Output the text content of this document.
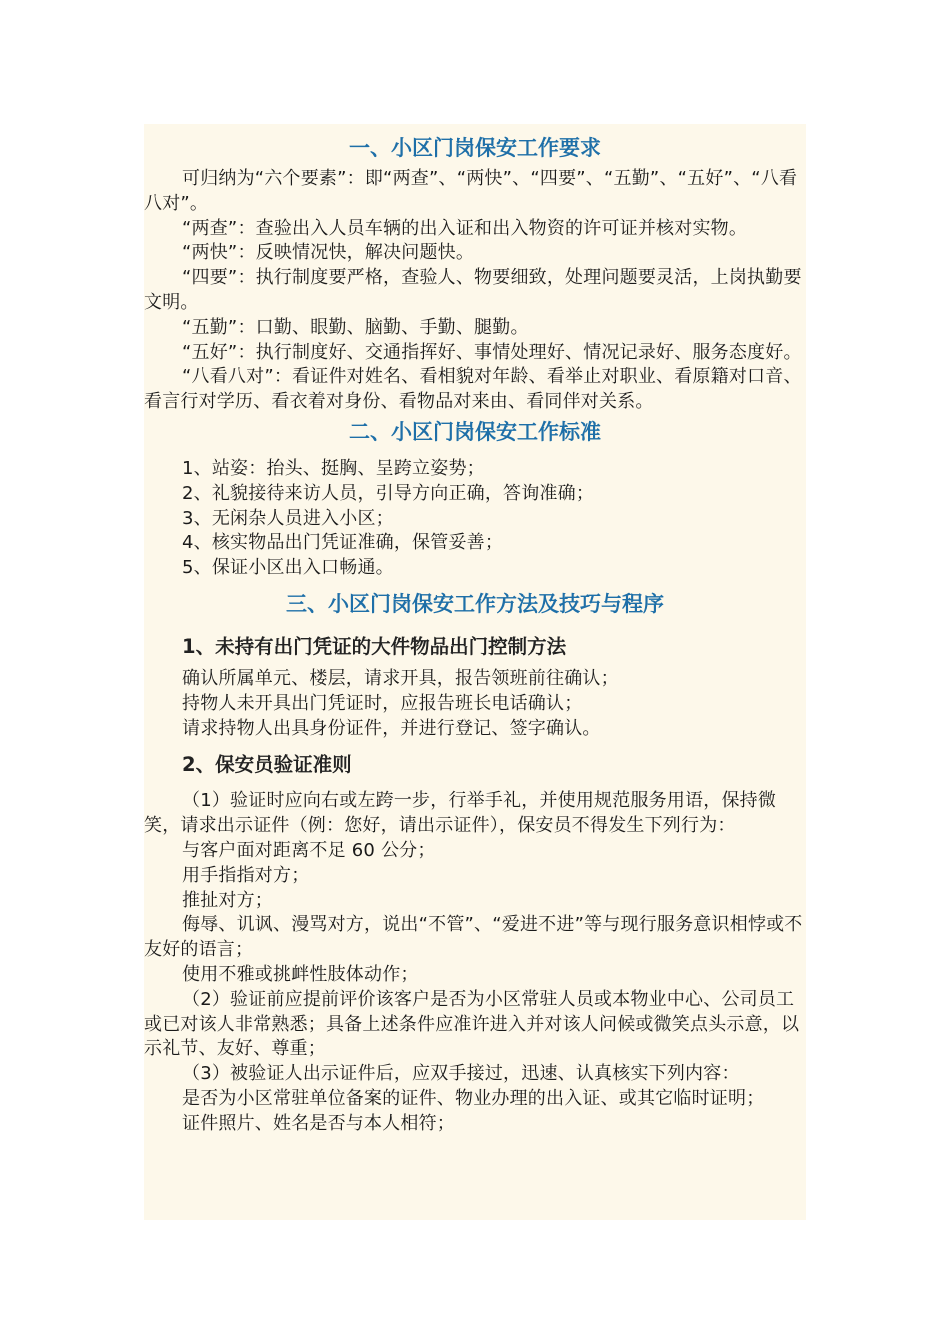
一、小区门岗保安工作要求

可归纳为“六个要素”：即“两查”、“两快”、“四要”、“五勤”、“五好”、“八看八对”。

“两查”：查验出入人员车辆的出入证和出入物资的许可证并核对实物。

“两快”：反映情况快，解决问题快。

“四要”：执行制度要严格，查验人、物要细致，处理问题要灵活，上岗执勤要文明。

“五勤”：口勤、眼勤、脑勤、手勤、腿勤。

“五好”：执行制度好、交通指挥好、事情处理好、情况记录好、服务态度好。

“八看八对”：看证件对姓名、看相貌对年龄、看举止对职业、看原籍对口音、看言行对学历、看衣着对身份、看物品对来由、看同伴对关系。

二、小区门岗保安工作标准

1、站姿：抬头、挺胸、呈跨立姿势；

2、礼貌接待来访人员，引导方向正确，答询准确；

3、无闲杂人员进入小区；

4、核实物品出门凭证准确，保管妥善；

5、保证小区出入口畅通。

三、小区门岗保安工作方法及技巧与程序
1、未持有出门凭证的大件物品出门控制方法

确认所属单元、楼层，请求开具，报告领班前往确认；

持物人未开具出门凭证时，应报告班长电话确认；

请求持物人出具身份证件，并进行登记、签字确认。

2、保安员验证准则

（1）验证时应向右或左跨一步，行举手礼，并使用规范服务用语，保持微笑，请求出示证件（例：您好，请出示证件），保安员不得发生下列行为：

与客户面对距离不足 60 公分；

用手指指对方；

推扯对方；

侮辱、讥讽、漫骂对方，说出“不管”、“爱进不进”等与现行服务意识相悖或不友好的语言；

使用不雅或挑衅性肢体动作；

（2）验证前应提前评价该客户是否为小区常驻人员或本物业中心、公司员工或已对该人非常熟悉；具备上述条件应准许进入并对该人问候或微笑点头示意，以示礼节、友好、尊重；

（3）被验证人出示证件后，应双手接过，迅速、认真核实下列内容：

是否为小区常驻单位备案的证件、物业办理的出入证、或其它临时证明；

证件照片、姓名是否与本人相符；
